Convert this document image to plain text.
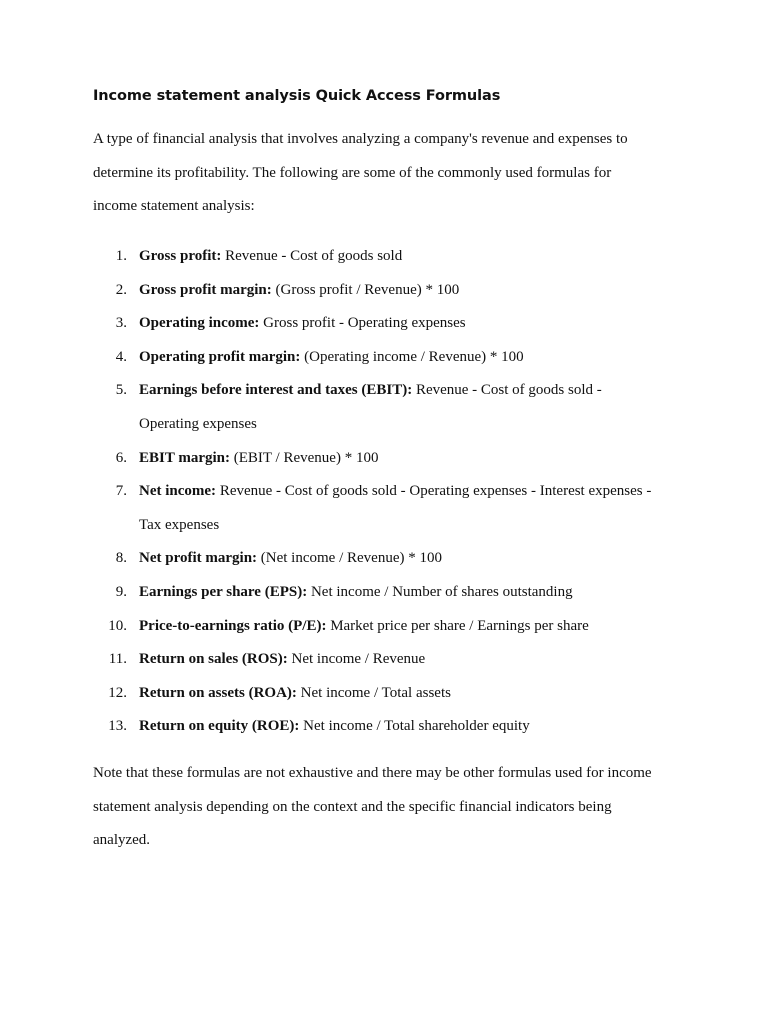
Income statement analysis Quick Access Formulas

A type of financial analysis that involves analyzing a company's revenue and expenses to
determine its profitability. The following are some of the commonly used formulas for
income statement analysis:

1. Gross profit: Revenue - Cost of goods sold
2. Gross profit margin: (Gross profit / Revenue) * 100
3. Operating income: Gross profit - Operating expenses
4. Operating profit margin: (Operating income / Revenue) * 100
5. Earnings before interest and taxes (EBIT): Revenue - Cost of goods sold -
Operating expenses
6. EBIT margin: (EBIT / Revenue) * 100
7. Net income: Revenue - Cost of goods sold - Operating expenses - Interest expenses -
Tax expenses
8. Net profit margin: (Net income / Revenue) * 100
9. Earnings per share (EPS): Net income / Number of shares outstanding
10. Price-to-earnings ratio (P/E): Market price per share / Earnings per share
11. Return on sales (ROS): Net income / Revenue
12. Return on assets (ROA): Net income / Total assets
13. Return on equity (ROE): Net income / Total shareholder equity

Note that these formulas are not exhaustive and there may be other formulas used for income
statement analysis depending on the context and the specific financial indicators being
analyzed.
